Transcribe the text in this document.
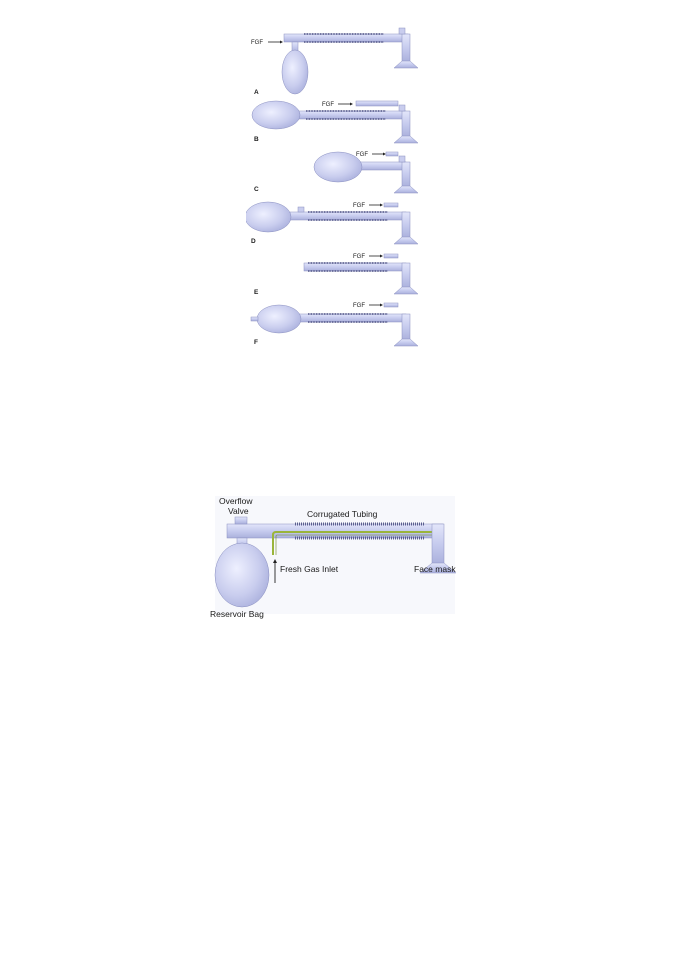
FGF
A
FGF
B
FGF
C
FGF
D
FGF
E
FGF
F
Overflow
Valve	Corrugated Tubing
Face mask
Reservoir Bag
Fresh Gas Inlet
